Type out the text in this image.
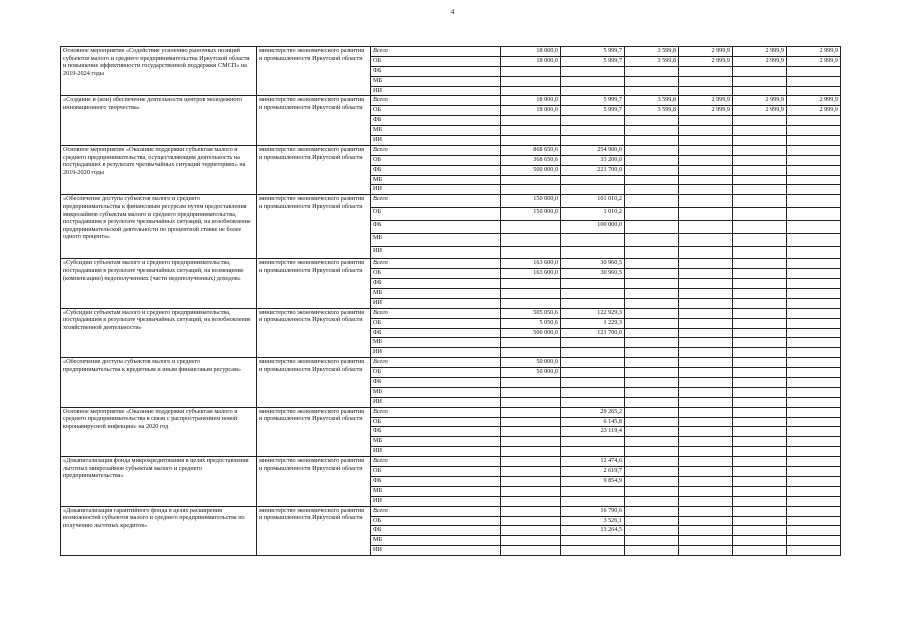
4
Основное мероприятие «Содействие усилению рыночных позиций субъектов малого и среднего предпринимательства Иркутской области и повышение эффективности государственной поддержки СМСП» на 2019-2024 годы	министерство экономического развития и промышленности Иркутской области	Всего	18 000,0	5 999,7	3 599,8	2 999,9	2 999,9	2 999,9
		ОБ	18 000,0	5 999,7	3 599,8	2 999,9	2 999,9	2 999,9
		ФБ						
		МБ						
		ИИ						
«Создание и (или) обеспечение деятельности центров молодежного инновационного творчества»	министерство экономического развития и промышленности Иркутской области	Всего	18 000,0	5 999,7	3 599,8	2 999,9	2 999,9	2 999,9
		ОБ	18 000,0	5 999,7	3 599,8	2 999,9	2 999,9	2 999,9
		ФБ						
		МБ						
		ИИ						
Основное мероприятие «Оказание поддержки субъектам малого и среднего предпринимательства, осуществляющим деятельность на пострадавших в результате чрезвычайных ситуаций территориях» на 2019-2020 годы	министерство экономического развития и промышленности Иркутской области	Всего	868 650,6	254 900,0				
		ОБ	368 650,6	33 200,0				
		ФБ	500 000,0	221 700,0				
		МБ						
		ИИ						
«Обеспечение доступа субъектов малого и среднего предпринимательства к финансовым ресурсам путем предоставления микрозаймов субъектам малого и среднего предпринимательства, пострадавшим в результате чрезвычайных ситуаций, на возобновление предпринимательской деятельности по процентной ставке не более одного процента»	министерство экономического развития и промышленности Иркутской области	Всего	150 000,0	101 010,2				
		ОБ	150 000,0	1 010,2				
		ФБ		100 000,0				
		МБ						
		ИИ						
«Субсидии субъектам малого и среднего предпринимательства, пострадавшим в результате чрезвычайных ситуаций, на возмещение (компенсацию) недополученных (части недополученных) доходов»	министерство экономического развития и промышленности Иркутской области	Всего	163 600,0	30 960,5				
		ОБ	163 600,0	30 960,5				
		ФБ						
		МБ						
		ИИ						
«Субсидии субъектам малого и среднего предпринимательства, пострадавшим в результате чрезвычайных ситуаций, на возобновление хозяйственной деятельности»	министерство экономического развития и промышленности Иркутской области	Всего	505 050,6	122 929,3				
		ОБ	5 050,6	1 229,3				
		ФБ	500 000,0	121 700,0				
		МБ						
		ИИ						
«Обеспечение доступа субъектов малого и среднего предпринимательства к кредитным и иным финансовым ресурсам»	министерство экономического развития и промышленности Иркутской области	Всего	50 000,0					
		ОБ	50 000,0					
		ФБ						
		МБ						
		ИИ						
Основное мероприятие «Оказание поддержки субъектам малого и среднего предпринимательства в связи с распространением новой коронавирусной инфекции» на 2020 год	министерство экономического развития и промышленности Иркутской области	Всего		29 265,2				
		ОБ		6 145,8				
		ФБ		23 119,4				
		МБ						
		ИИ						
«Докапитализация фонда микрокредитования в целях предоставления льготных микрозаймов субъектам малого и среднего предпринимательства»	министерство экономического развития и промышленности Иркутской области	Всего		12 474,6				
		ОБ		2 619,7				
		ФБ		9 854,9				
		МБ						
		ИИ						
«Докапитализация гарантийного фонда в целях расширения возможностей субъектов малого и среднего предпринимательства по получению льготных кредитов»	министерство экономического развития и промышленности Иркутской области	Всего		16 790,6				
		ОБ		3 526,1				
		ФБ		13 264,5				
		МБ						
		ИИ						
